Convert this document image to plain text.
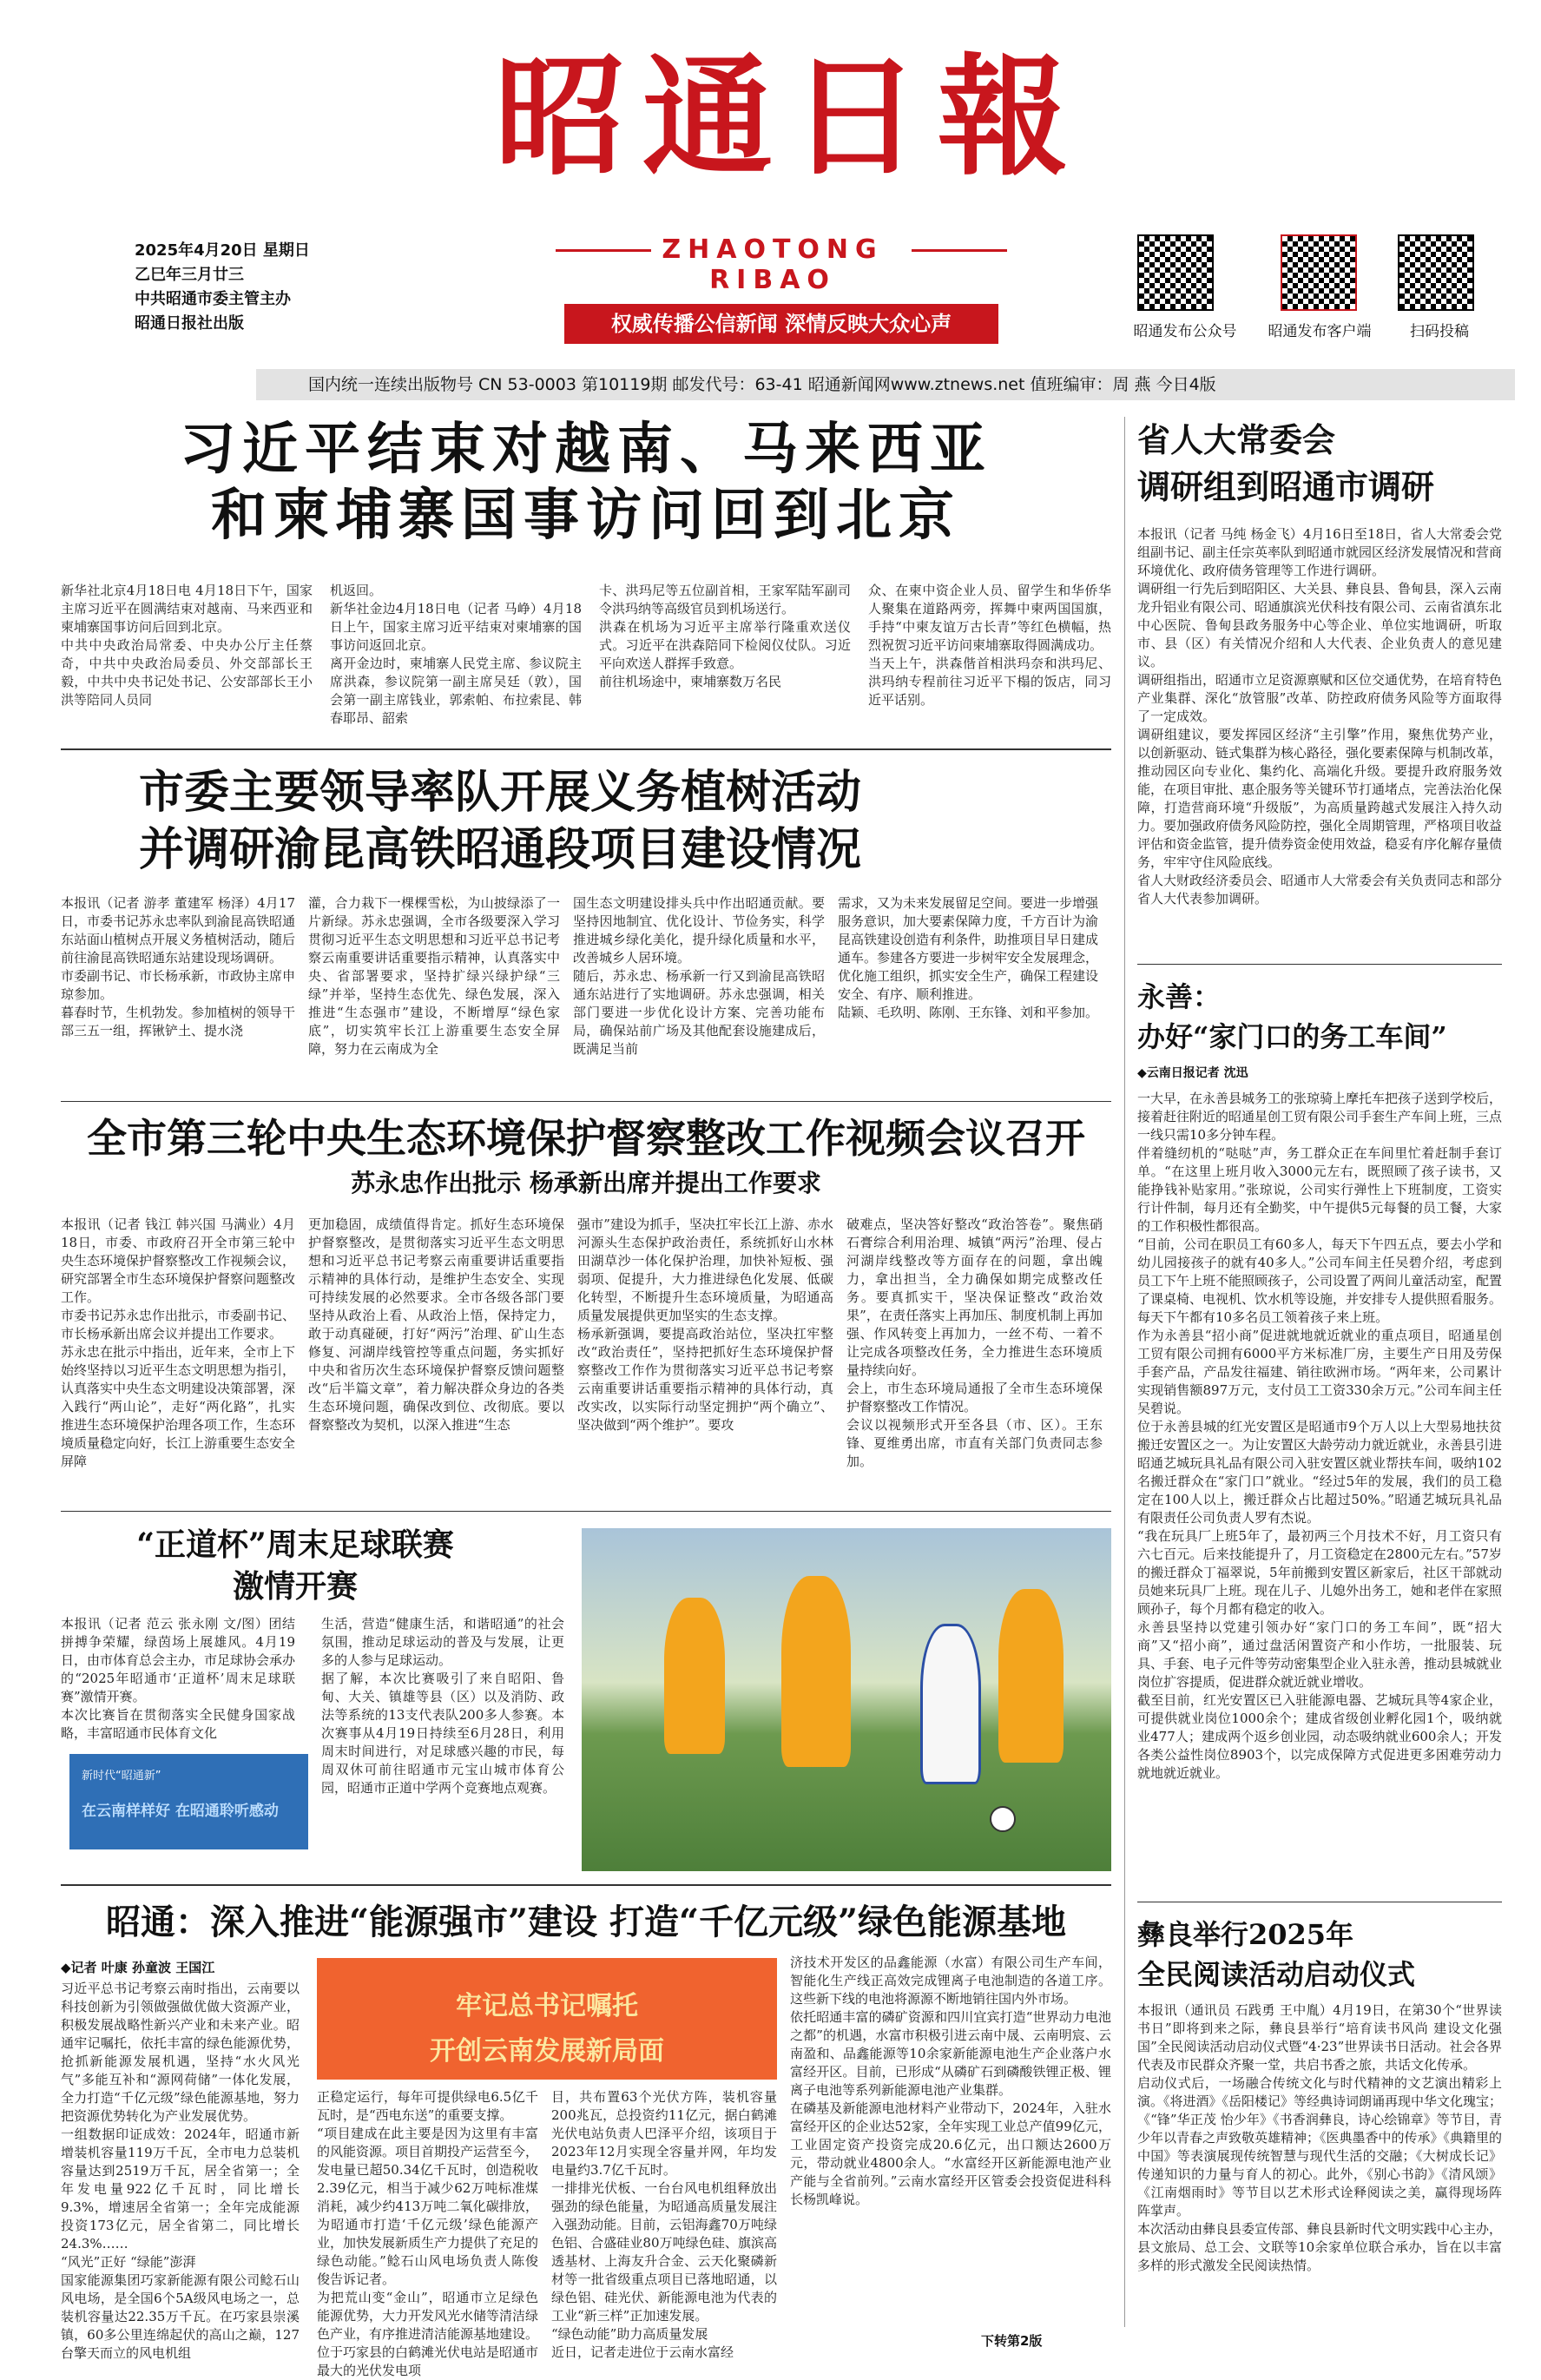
昭通日報
ZHAOTONG RIBAO
权威传播公信新闻 深情反映大众心声
2025年4月20日 星期日
乙巳年三月廿三
中共昭通市委主管主办
昭通日报社出版	昭通发布公众号	昭通发布客户端	扫码投稿
国内统一连续出版物号 CN 53-0003 第10119期 邮发代号：63-41 昭通新闻网www.ztnews.net 值班编审：周 燕 今日4版
习近平结束对越南、马来西亚
和柬埔寨国事访问回到北京
新华社北京4月18日电 4月18日下午，国家主席习近平在圆满结束对越南、马来西亚和柬埔寨国事访问后回到北京。
中共中央政治局常委、中央办公厅主任蔡奇，中共中央政治局委员、外交部部长王毅，中共中央书记处书记、公安部部长王小洪等陪同人员同
机返回。
新华社金边4月18日电（记者 马峥）4月18日上午，国家主席习近平结束对柬埔寨的国事访问返回北京。
离开金边时，柬埔寨人民党主席、参议院主席洪森，参议院第一副主席吴廷（敦），国会第一副主席钱业，郭索帕、布拉索昆、韩春耶昂、韶索
卡、洪玛尼等五位副首相，王家军陆军副司令洪玛纳等高级官员到机场送行。
洪森在机场为习近平主席举行隆重欢送仪式。习近平在洪森陪同下检阅仪仗队。习近平向欢送人群挥手致意。
前往机场途中，柬埔寨数万名民
众、在柬中资企业人员、留学生和华侨华人聚集在道路两旁，挥舞中柬两国国旗，手持“中柬友谊万古长青”等红色横幅，热烈祝贺习近平访问柬埔寨取得圆满成功。
当天上午，洪森偕首相洪玛奈和洪玛尼、洪玛纳专程前往习近平下榻的饭店，同习近平话别。
市委主要领导率队开展义务植树活动
并调研渝昆高铁昭通段项目建设情况
本报讯（记者 游孝 董建军 杨泽）4月17日，市委书记苏永忠率队到渝昆高铁昭通东站面山植树点开展义务植树活动，随后前往渝昆高铁昭通东站建设现场调研。
市委副书记、市长杨承新，市政协主席申琼参加。
暮春时节，生机勃发。参加植树的领导干部三五一组，挥锹铲土、提水浇
灌，合力栽下一棵棵雪松，为山披绿添了一片新绿。苏永忠强调，全市各级要深入学习贯彻习近平生态文明思想和习近平总书记考察云南重要讲话重要指示精神，认真落实中央、省部署要求，坚持扩绿兴绿护绿“三绿”并举，坚持生态优先、绿色发展，深入推进“生态强市”建设，不断增厚“绿色家底”，切实筑牢长江上游重要生态安全屏障，努力在云南成为全
国生态文明建设排头兵中作出昭通贡献。要坚持因地制宜、优化设计、节俭务实，科学推进城乡绿化美化，提升绿化质量和水平，改善城乡人居环境。
随后，苏永忠、杨承新一行又到渝昆高铁昭通东站进行了实地调研。苏永忠强调，相关部门要进一步优化设计方案、完善功能布局，确保站前广场及其他配套设施建成后，既满足当前
需求，又为未来发展留足空间。要进一步增强服务意识，加大要素保障力度，千方百计为渝昆高铁建设创造有利条件，助推项目早日建成通车。参建各方要进一步树牢安全发展理念，优化施工组织，抓实安全生产，确保工程建设安全、有序、顺利推进。
陆颖、毛玖明、陈刚、王东锋、刘和平参加。
全市第三轮中央生态环境保护督察整改工作视频会议召开
苏永忠作出批示 杨承新出席并提出工作要求
本报讯（记者 钱江 韩兴国 马满业）4月18日，市委、市政府召开全市第三轮中央生态环境保护督察整改工作视频会议，研究部署全市生态环境保护督察问题整改工作。
市委书记苏永忠作出批示，市委副书记、市长杨承新出席会议并提出工作要求。
苏永忠在批示中指出，近年来，全市上下始终坚持以习近平生态文明思想为指引，认真落实中央生态文明建设决策部署，深入践行“两山论”，走好“两化路”，扎实推进生态环境保护治理各项工作，生态环境质量稳定向好，长江上游重要生态安全屏障
更加稳固，成绩值得肯定。抓好生态环境保护督察整改，是贯彻落实习近平生态文明思想和习近平总书记考察云南重要讲话重要指示精神的具体行动，是维护生态安全、实现可持续发展的必然要求。全市各级各部门要坚持从政治上看、从政治上悟，保持定力，敢于动真碰硬，打好“两污”治理、矿山生态修复、河湖岸线管控等重点问题，务实抓好中央和省历次生态环境保护督察反馈问题整改“后半篇文章”，着力解决群众身边的各类生态环境问题，确保改到位、改彻底。要以督察整改为契机，以深入推进“生态
强市”建设为抓手，坚决扛牢长江上游、赤水河源头生态保护政治责任，系统抓好山水林田湖草沙一体化保护治理，加快补短板、强弱项、促提升，大力推进绿色化发展、低碳化转型，不断提升生态环境质量，为昭通高质量发展提供更加坚实的生态支撑。
杨承新强调，要提高政治站位，坚决扛牢整改“政治责任”，坚持把抓好生态环境保护督察整改工作作为贯彻落实习近平总书记考察云南重要讲话重要指示精神的具体行动，真改实改，以实际行动坚定拥护“两个确立”、坚决做到“两个维护”。要攻
破难点，坚决答好整改“政治答卷”。聚焦硝石膏综合利用治理、城镇“两污”治理、侵占河湖岸线整改等方面存在的问题，拿出魄力，拿出担当，全力确保如期完成整改任务。要真抓实干，坚决保证整改“政治效果”，在责任落实上再加压、制度机制上再加强、作风转变上再加力，一丝不苟、一着不让完成各项整改任务，全力推进生态环境质量持续向好。
会上，市生态环境局通报了全市生态环境保护督察整改工作情况。
会议以视频形式开至各县（市、区）。王东锋、夏维勇出席，市直有关部门负责同志参加。
“正道杯”周末足球联赛
激情开赛
本报讯（记者 范云 张永刚 文/图）团结拼搏争荣耀，绿茵场上展雄风。4月19日，由市体育总会主办，市足球协会承办的“2025年昭通市‘正道杯’周末足球联赛”激情开赛。
本次比赛旨在贯彻落实全民健身国家战略，丰富昭通市民体育文化
生活，营造“健康生活，和谐昭通”的社会氛围，推动足球运动的普及与发展，让更多的人参与足球运动。
据了解，本次比赛吸引了来自昭阳、鲁甸、大关、镇雄等县（区）以及消防、政法等系统的13支代表队200多人参赛。本次赛事从4月19日持续至6月28日，利用周末时间进行，对足球感兴趣的市民，每周双休可前往昭通市元宝山城市体育公园，昭通市正道中学两个竞赛地点观赛。
新时代“昭通新”
在云南样样好 在昭通聆听感动
昭通：深入推进“能源强市”建设 打造“千亿元级”绿色能源基地
◆记者 叶康 孙童波 王国江
习近平总书记考察云南时指出，云南要以科技创新为引领做强做优做大资源产业，积极发展战略性新兴产业和未来产业。昭通牢记嘱托，依托丰富的绿色能源优势，抢抓新能源发展机遇，坚持“水火风光气”多能互补和“源网荷储”一体化发展，全力打造“千亿元级”绿色能源基地，努力把资源优势转化为产业发展优势。
一组数据印证成效：2024年，昭通市新增装机容量119万千瓦，全市电力总装机容量达到2519万千瓦，居全省第一；全年发电量922亿千瓦时，同比增长9.3%，增速居全省第一；全年完成能源投资173亿元，居全省第二，同比增长24.3%……
“风光”正好 “绿能”澎湃
国家能源集团巧家新能源有限公司鲶石山风电场，是全国6个5A级风电场之一，总装机容量达22.35万千瓦。在巧家县崇溪镇，60多公里连绵起伏的高山之巅，127台擎天而立的风电机组
牢记总书记嘱托
开创云南发展新局面
正稳定运行，每年可提供绿电6.5亿千瓦时，是“西电东送”的重要支撑。
“项目建成在此主要是因为这里有丰富的风能资源。项目首期投产运营至今，发电量已超50.34亿千瓦时，创造税收2.39亿元，相当于减少62万吨标准煤消耗，减少约413万吨二氧化碳排放，为昭通市打造‘千亿元级’绿色能源产业，加快发展新质生产力提供了充足的绿色动能。”鲶石山风电场负责人陈俊俊告诉记者。
为把荒山变“金山”，昭通市立足绿色能源优势，大力开发风光水储等清洁绿色产业，有序推进清洁能源基地建设。位于巧家县的白鹤滩光伏电站是昭通市最大的光伏发电项
目，共布置63个光伏方阵，装机容量200兆瓦，总投资约11亿元，据白鹤滩光伏电站负责人巴泽平介绍，该项目于2023年12月实现全容量并网，年均发电量约3.7亿千瓦时。
一排排光伏板、一台台风电机组释放出强劲的绿色能量，为昭通高质量发展注入强劲动能。目前，云铝海鑫70万吨绿色铝、合盛硅业80万吨绿色硅、旗滨高透基材、上海友升合金、云天化聚磷新材等一批省级重点项目已落地昭通，以绿色铝、硅光伏、新能源电池为代表的工业“新三样”正加速发展。
“绿色动能”助力高质量发展
近日，记者走进位于云南水富经
济技术开发区的品鑫能源（水富）有限公司生产车间，智能化生产线正高效完成锂离子电池制造的各道工序。这些新下线的电池将源源不断地销往国内外市场。
依托昭通丰富的磷矿资源和四川宜宾打造“世界动力电池之都”的机遇，水富市积极引进云南中晟、云南明宸、云南盈和、品鑫能源等10余家新能源电池生产企业落户水富经开区。目前，已形成“从磷矿石到磷酸铁锂正极、锂离子电池等系列新能源电池产业集群。
在磷基及新能源电池材料产业带动下，2024年，入驻水富经开区的企业达52家，全年实现工业总产值99亿元，工业固定资产投资完成20.6亿元，出口额达2600万元，带动就业4800余人。“水富经开区新能源电池产业产能与全省前列。”云南水富经开区管委会投资促进科科长杨凯峰说。
下转第2版
省人大常委会
调研组到昭通市调研
本报讯（记者 马纯 杨金飞）4月16日至18日，省人大常委会党组副书记、副主任宗英率队到昭通市就园区经济发展情况和营商环境优化、政府债务管理等工作进行调研。
调研组一行先后到昭阳区、大关县、彝良县、鲁甸县，深入云南龙升铝业有限公司、昭通旗滨光伏科技有限公司、云南省滇东北中心医院、鲁甸县政务服务中心等企业、单位实地调研，听取市、县（区）有关情况介绍和人大代表、企业负责人的意见建议。
调研组指出，昭通市立足资源禀赋和区位交通优势，在培育特色产业集群、深化“放管服”改革、防控政府债务风险等方面取得了一定成效。
调研组建议，要发挥园区经济“主引擎”作用，聚焦优势产业，以创新驱动、链式集群为核心路径，强化要素保障与机制改革，推动园区向专业化、集约化、高端化升级。要提升政府服务效能，在项目审批、惠企服务等关键环节打通堵点，完善法治化保障，打造营商环境“升级版”，为高质量跨越式发展注入持久动力。要加强政府债务风险防控，强化全周期管理，严格项目收益评估和资金监管，提升债券资金使用效益，稳妥有序化解存量债务，牢牢守住风险底线。
省人大财政经济委员会、昭通市人大常委会有关负责同志和部分省人大代表参加调研。
永善：
办好“家门口的务工车间”
◆云南日报记者 沈迅
一大早，在永善县城务工的张琼骑上摩托车把孩子送到学校后，接着赶往附近的昭通星创工贸有限公司手套生产车间上班，三点一线只需10多分钟车程。
伴着缝纫机的“哒哒”声，务工群众正在车间里忙着赶制手套订单。“在这里上班月收入3000元左右，既照顾了孩子读书，又能挣钱补贴家用。”张琼说，公司实行弹性上下班制度，工资实行计件制，每月还有全勤奖，中午提供5元每餐的员工餐，大家的工作积极性都很高。
“目前，公司在职员工有60多人，每天下午四五点，要去小学和幼儿园接孩子的就有40多人。”公司车间主任吴碧介绍，考虑到员工下午上班不能照顾孩子，公司设置了两间儿童活动室，配置了课桌椅、电视机、饮水机等设施，并安排专人提供照看服务。每天下午都有10多名员工领着孩子来上班。
作为永善县“招小商”促进就地就近就业的重点项目，昭通星创工贸有限公司拥有6000平方米标准厂房，主要生产日用及劳保手套产品，产品发往福建、销往欧洲市场。“两年来，公司累计实现销售额897万元，支付员工工资330余万元。”公司车间主任吴碧说。
位于永善县城的红光安置区是昭通市9个万人以上大型易地扶贫搬迁安置区之一。为让安置区大龄劳动力就近就业，永善县引进昭通艺城玩具礼品有限公司入驻安置区就业帮扶车间，吸纳102名搬迁群众在“家门口”就业。“经过5年的发展，我们的员工稳定在100人以上，搬迁群众占比超过50%。”昭通艺城玩具礼品有限责任公司负责人罗有杰说。
“我在玩具厂上班5年了，最初两三个月技术不好，月工资只有六七百元。后来技能提升了，月工资稳定在2800元左右。”57岁的搬迁群众丁福翠说，5年前搬到安置区新家后，社区干部就动员她来玩具厂上班。现在儿子、儿媳外出务工，她和老伴在家照顾孙子，每个月都有稳定的收入。
永善县坚持以党建引领办好“家门口的务工车间”，既“招大商”又“招小商”，通过盘活闲置资产和小作坊，一批服装、玩具、手套、电子元件等劳动密集型企业入驻永善，推动县城就业岗位扩容提质，促进群众就近就业增收。
截至目前，红光安置区已入驻能源电器、艺城玩具等4家企业，可提供就业岗位1000余个；建成省级创业孵化园1个，吸纳就业477人；建成两个返乡创业园，动态吸纳就业600余人；开发各类公益性岗位8903个，以完成保障方式促进更多困难劳动力就地就近就业。
彝良举行2025年
全民阅读活动启动仪式
本报讯（通讯员 石践勇 王中胤）4月19日，在第30个“世界读书日”即将到来之际，彝良县举行“培育读书风尚 建设文化强国”全民阅读活动启动仪式暨“4·23”世界读书日活动。社会各界代表及市民群众齐聚一堂，共启书香之旅，共话文化传承。
启动仪式后，一场融合传统文化与时代精神的文艺演出精彩上演。《将进酒》《岳阳楼记》等经典诗词朗诵再现中华文化瑰宝；《“锋”华正茂 怡少年》《书香润彝良，诗心绘锦章》等节目，青少年以青春之声致敬英雄精神；《医典墨香中的传承》《典籍里的中国》等表演展现传统智慧与现代生活的交融；《大树成长记》传递知识的力量与育人的初心。此外，《别心书韵》《清风颂》《江南烟雨时》等节目以艺术形式诠释阅读之美，赢得现场阵阵掌声。
本次活动由彝良县委宣传部、彝良县新时代文明实践中心主办，县文旅局、总工会、文联等10余家单位联合承办，旨在以丰富多样的形式激发全民阅读热情。
